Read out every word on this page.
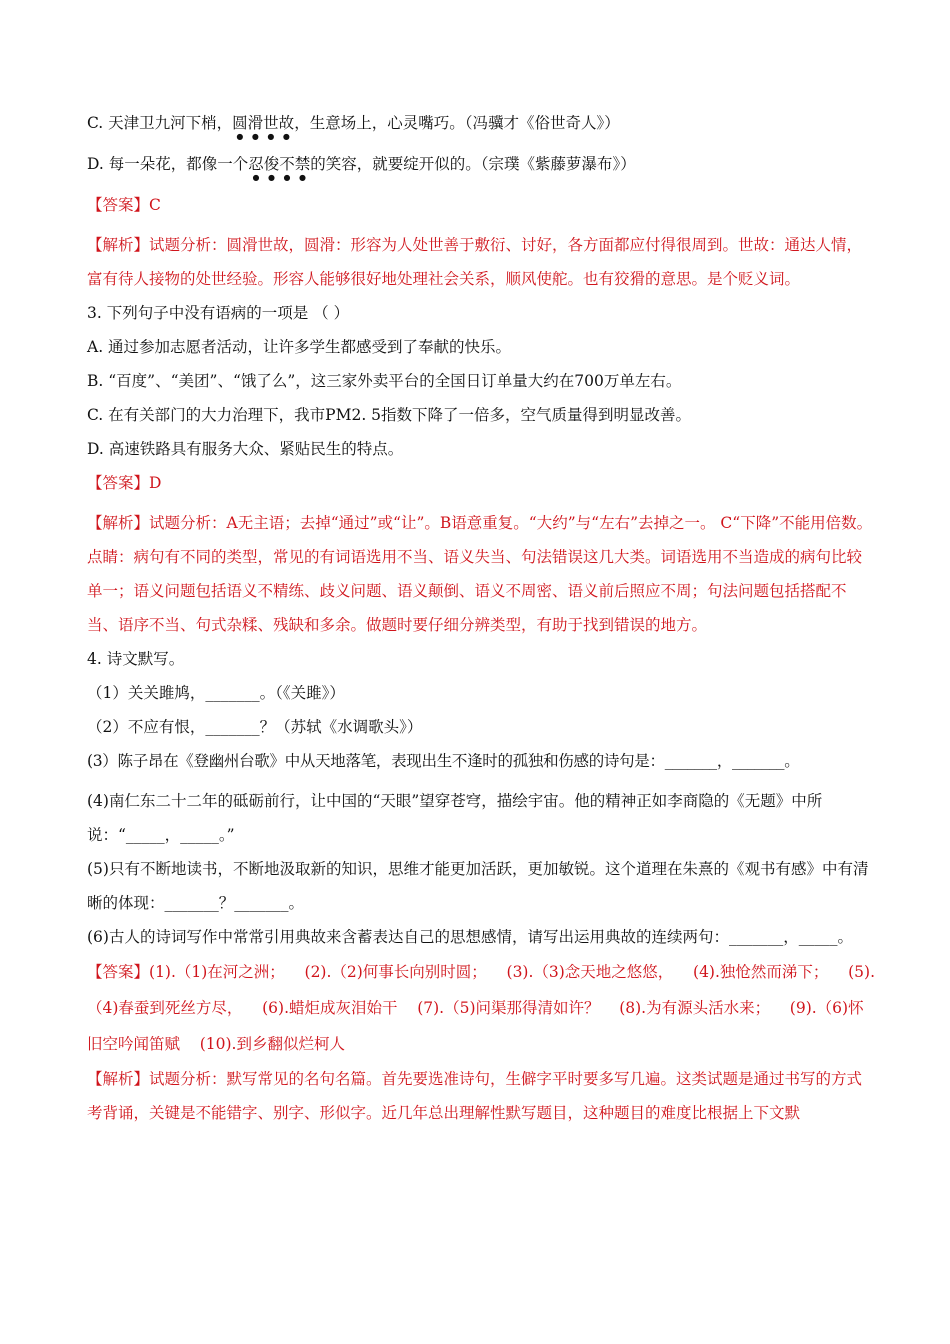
C. 天津卫九河下梢，圆滑世故，生意场上，心灵嘴巧。（冯骥才《俗世奇人》）

D. 每一朵花，都像一个忍俊不禁的笑容，就要绽开似的。（宗璞《紫藤萝瀑布》）

【答案】C

【解析】试题分析：圆滑世故，圆滑：形容为人处世善于敷衍、讨好，各方面都应付得很周到。世故：通达人情，富有待人接物的处世经验。形容人能够很好地处理社会关系，顺风使舵。也有狡猾的意思。是个贬义词。

3. 下列句子中没有语病的一项是 （ ）

A. 通过参加志愿者活动，让许多学生都感受到了奉献的快乐。

B. “百度”、“美团”、“饿了么”，这三家外卖平台的全国日订单量大约在700万单左右。

C. 在有关部门的大力治理下，我市PM2. 5指数下降了一倍多，空气质量得到明显改善。

D. 高速铁路具有服务大众、紧贴民生的特点。

【答案】D

【解析】试题分析：A无主语；去掉“通过”或“让”。B语意重复。“大约”与“左右”去掉之一。 C“下降”不能用倍数。

点睛：病句有不同的类型，常见的有词语选用不当、语义失当、句法错误这几大类。词语选用不当造成的病句比较单一；语义问题包括语义不精练、歧义问题、语义颠倒、语义不周密、语义前后照应不周；句法问题包括搭配不当、语序不当、句式杂糅、残缺和多余。做题时要仔细分辨类型，有助于找到错误的地方。

4. 诗文默写。

（1）关关雎鸠，_______。（《关雎》）

（2）不应有恨，_______？（苏轼《水调歌头》）

(3）陈子昂在《登幽州台歌》中从天地落笔，表现出生不逢时的孤独和伤感的诗句是：_______，_______。

(4)南仁东二十二年的砥砺前行，让中国的“天眼”望穿苍穹，描绘宇宙。他的精神正如李商隐的《无题》中所说：“_____，_____。”

(5)只有不断地读书，不断地汲取新的知识，思维才能更加活跃，更加敏锐。这个道理在朱熹的《观书有感》中有清晰的体现：_______？_______。

(6)古人的诗词写作中常常引用典故来含蓄表达自己的思想感情，请写出运用典故的连续两句：_______，_____。

【答案】(1).（1)在河之洲；    (2).（2)何事长向别时圆；    (3).（3)念天地之悠悠，    (4).独怆然而涕下；    (5).（4)春蚕到死丝方尽，    (6).蜡炬成灰泪始干    (7).（5)问渠那得清如许？    (8).为有源头活水来；    (9).（6)怀旧空吟闻笛赋    (10).到乡翻似烂柯人

【解析】试题分析：默写常见的名句名篇。首先要选准诗句，生僻字平时要多写几遍。这类试题是通过书写的方式考背诵，关键是不能错字、别字、形似字。近几年总出理解性默写题目，这种题目的难度比根据上下文默
